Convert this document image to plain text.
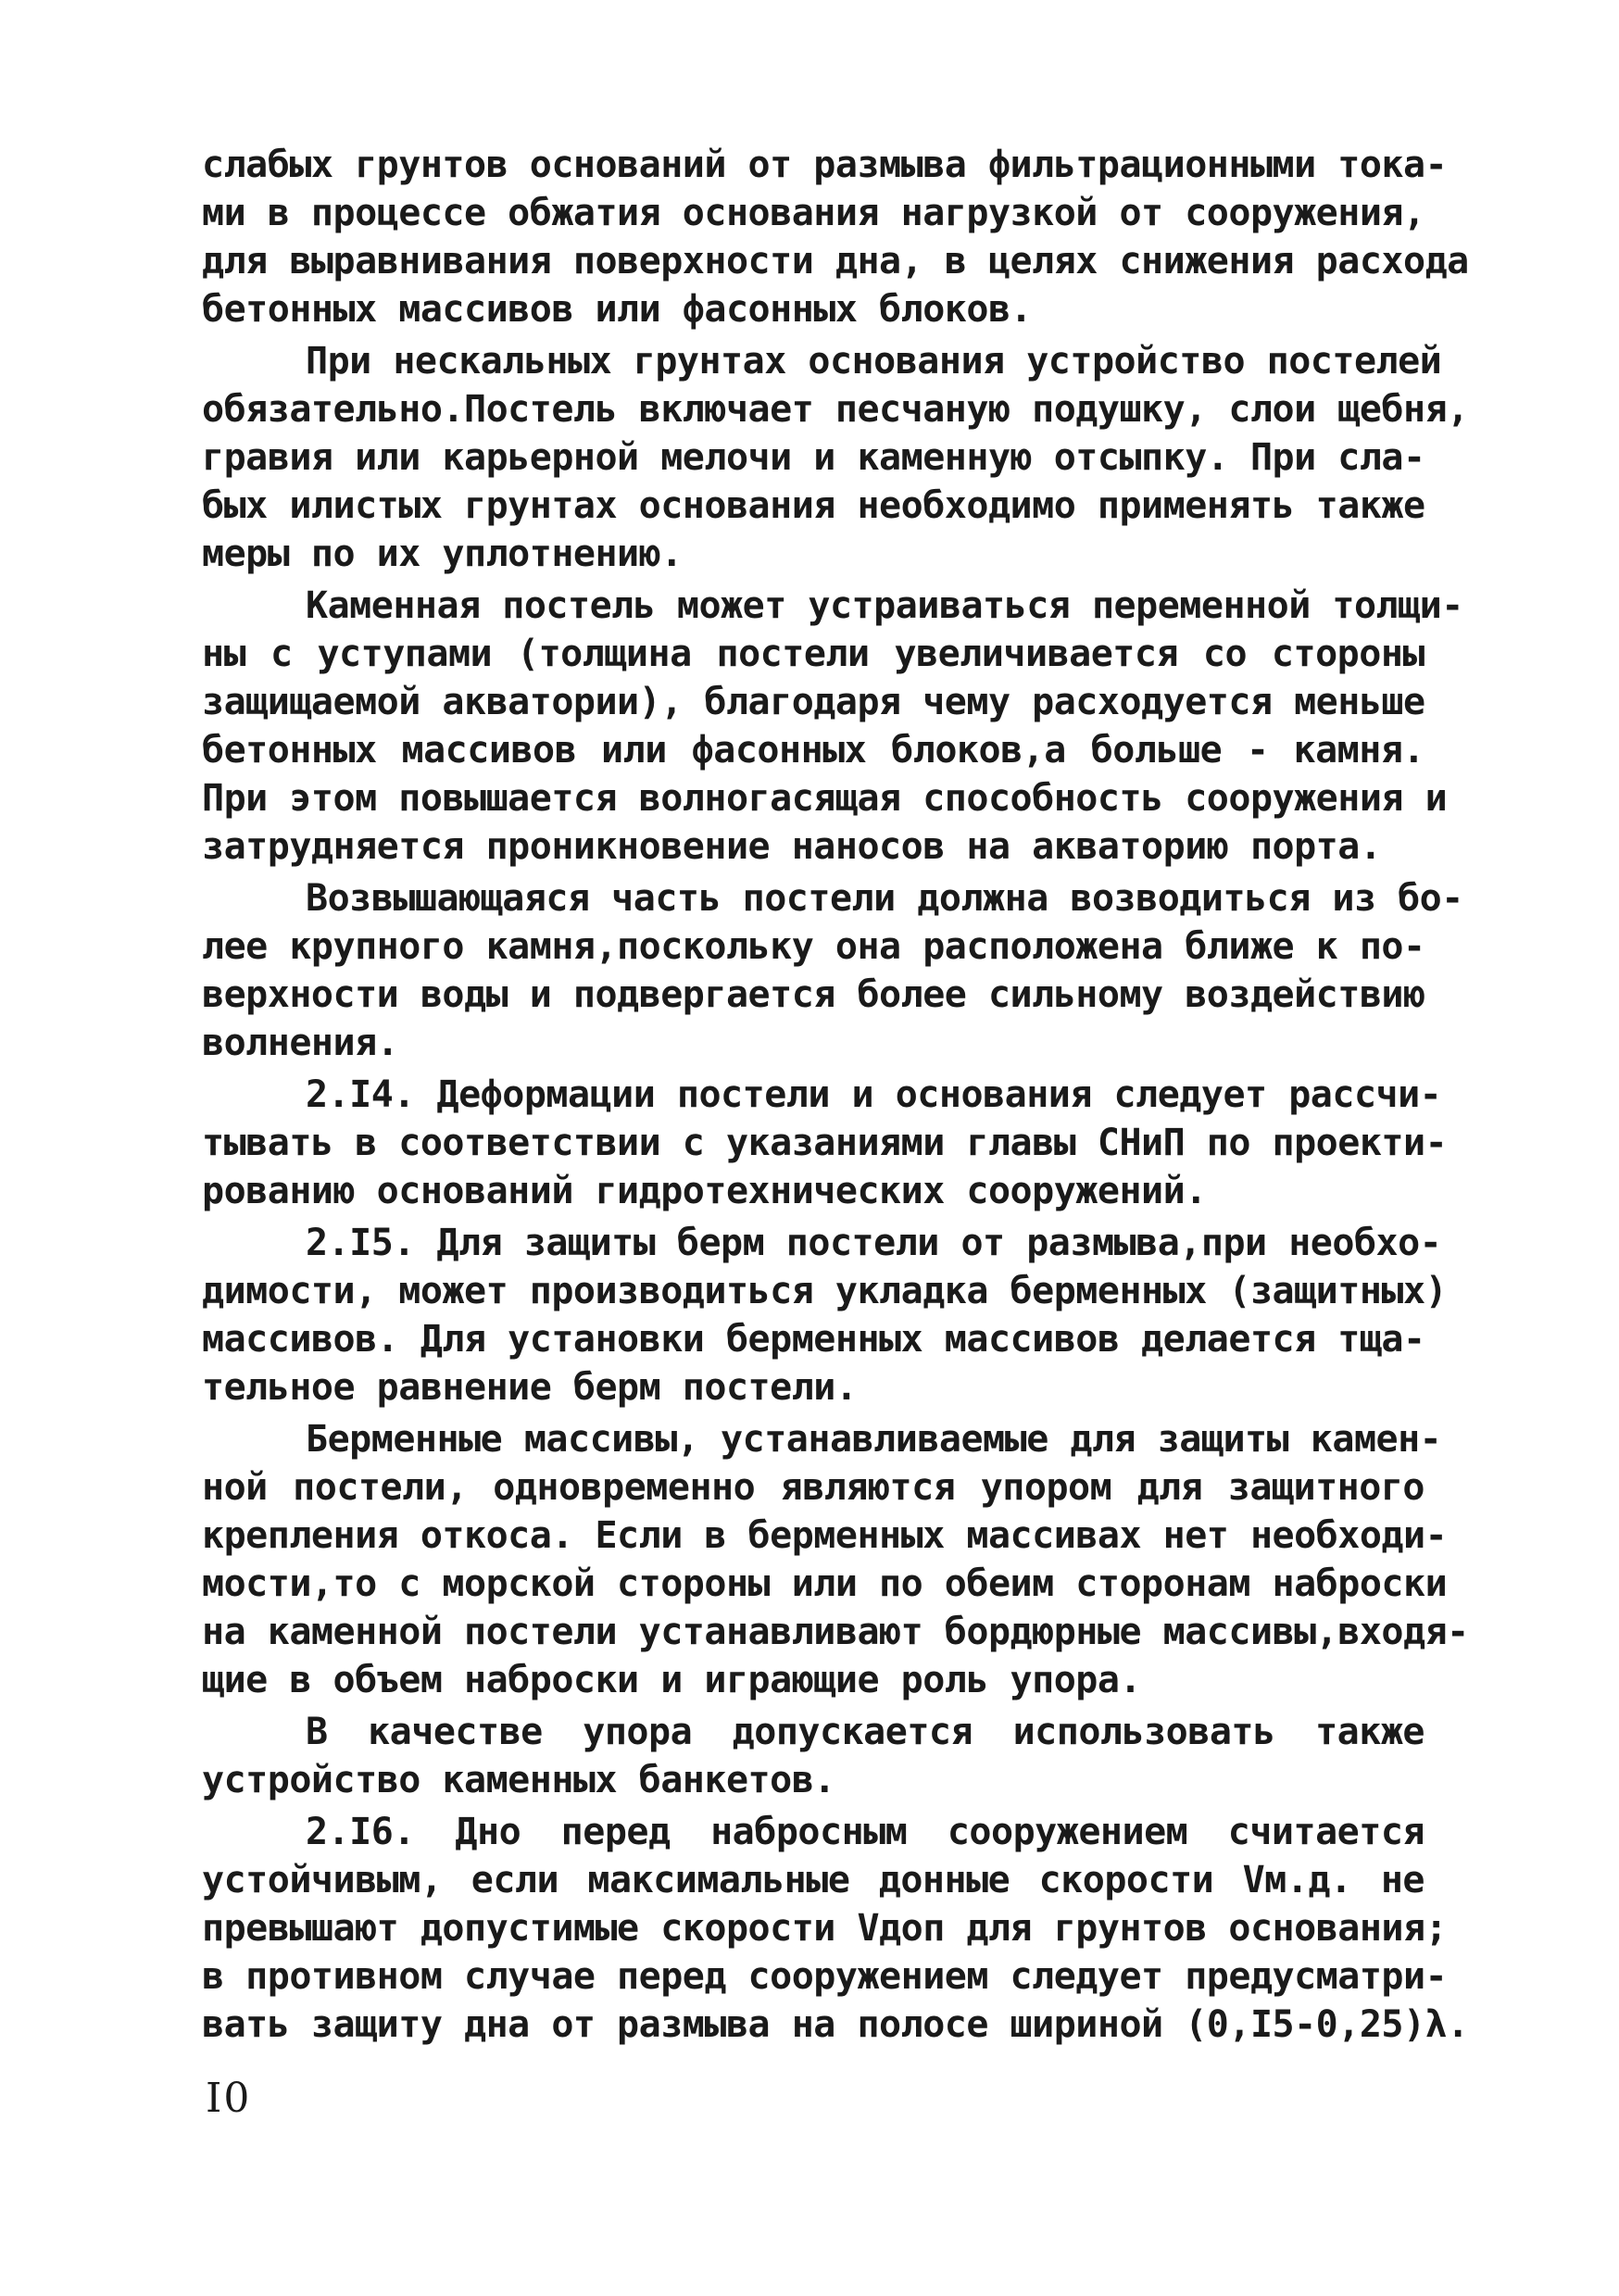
слабых грунтов оснований от размыва фильтрационными тока-
ми в процессе обжатия основания нагрузкой от сооружения,
для выравнивания поверхности дна, в целях снижения расхода
бетонных массивов или фасонных блоков.
При нескальных грунтах основания устройство постелей
обязательно.Постель включает песчаную подушку, слои щебня,
гравия или карьерной мелочи и каменную отсыпку. При сла-
бых илистых грунтах основания необходимо применять также
меры по их уплотнению.
Каменная постель может устраиваться переменной толщи-
ны с уступами (толщина постели увеличивается со стороны
защищаемой акватории), благодаря чему расходуется меньше
бетонных массивов или фасонных блоков,а больше - камня.
При этом повышается волногасящая способность сооружения и
затрудняется проникновение наносов на акваторию порта.
Возвышающаяся часть постели должна возводиться из бо-
лее крупного камня,поскольку она расположена ближе к по-
верхности воды и подвергается более сильному воздействию
волнения.
2.I4. Деформации постели и основания следует рассчи-
тывать в соответствии с указаниями главы СНиП по проекти-
рованию оснований гидротехнических сооружений.
2.I5. Для защиты берм постели от размыва,при необхо-
димости, может производиться укладка берменных (защитных)
массивов. Для установки берменных массивов делается тща-
тельное равнение берм постели.
Берменные массивы, устанавливаемые для защиты камен-
ной постели, одновременно являются упором для защитного
крепления откоса. Если в берменных массивах нет необходи-
мости,то с морской стороны или по обеим сторонам наброски
на каменной постели устанавливают бордюрные массивы,входя-
щие в объем наброски и играющие роль упора.
В качестве упора допускается использовать также
устройство каменных банкетов.
2.I6. Дно перед набросным сооружением считается
устойчивым, если максимальные донные скорости Vм.д. не
превышают допустимые скорости Vдоп для грунтов основания;
в противном случае перед сооружением следует предусматри-
вать защиту дна от размыва на полосе шириной (0,I5-0,25)λ.
I0
